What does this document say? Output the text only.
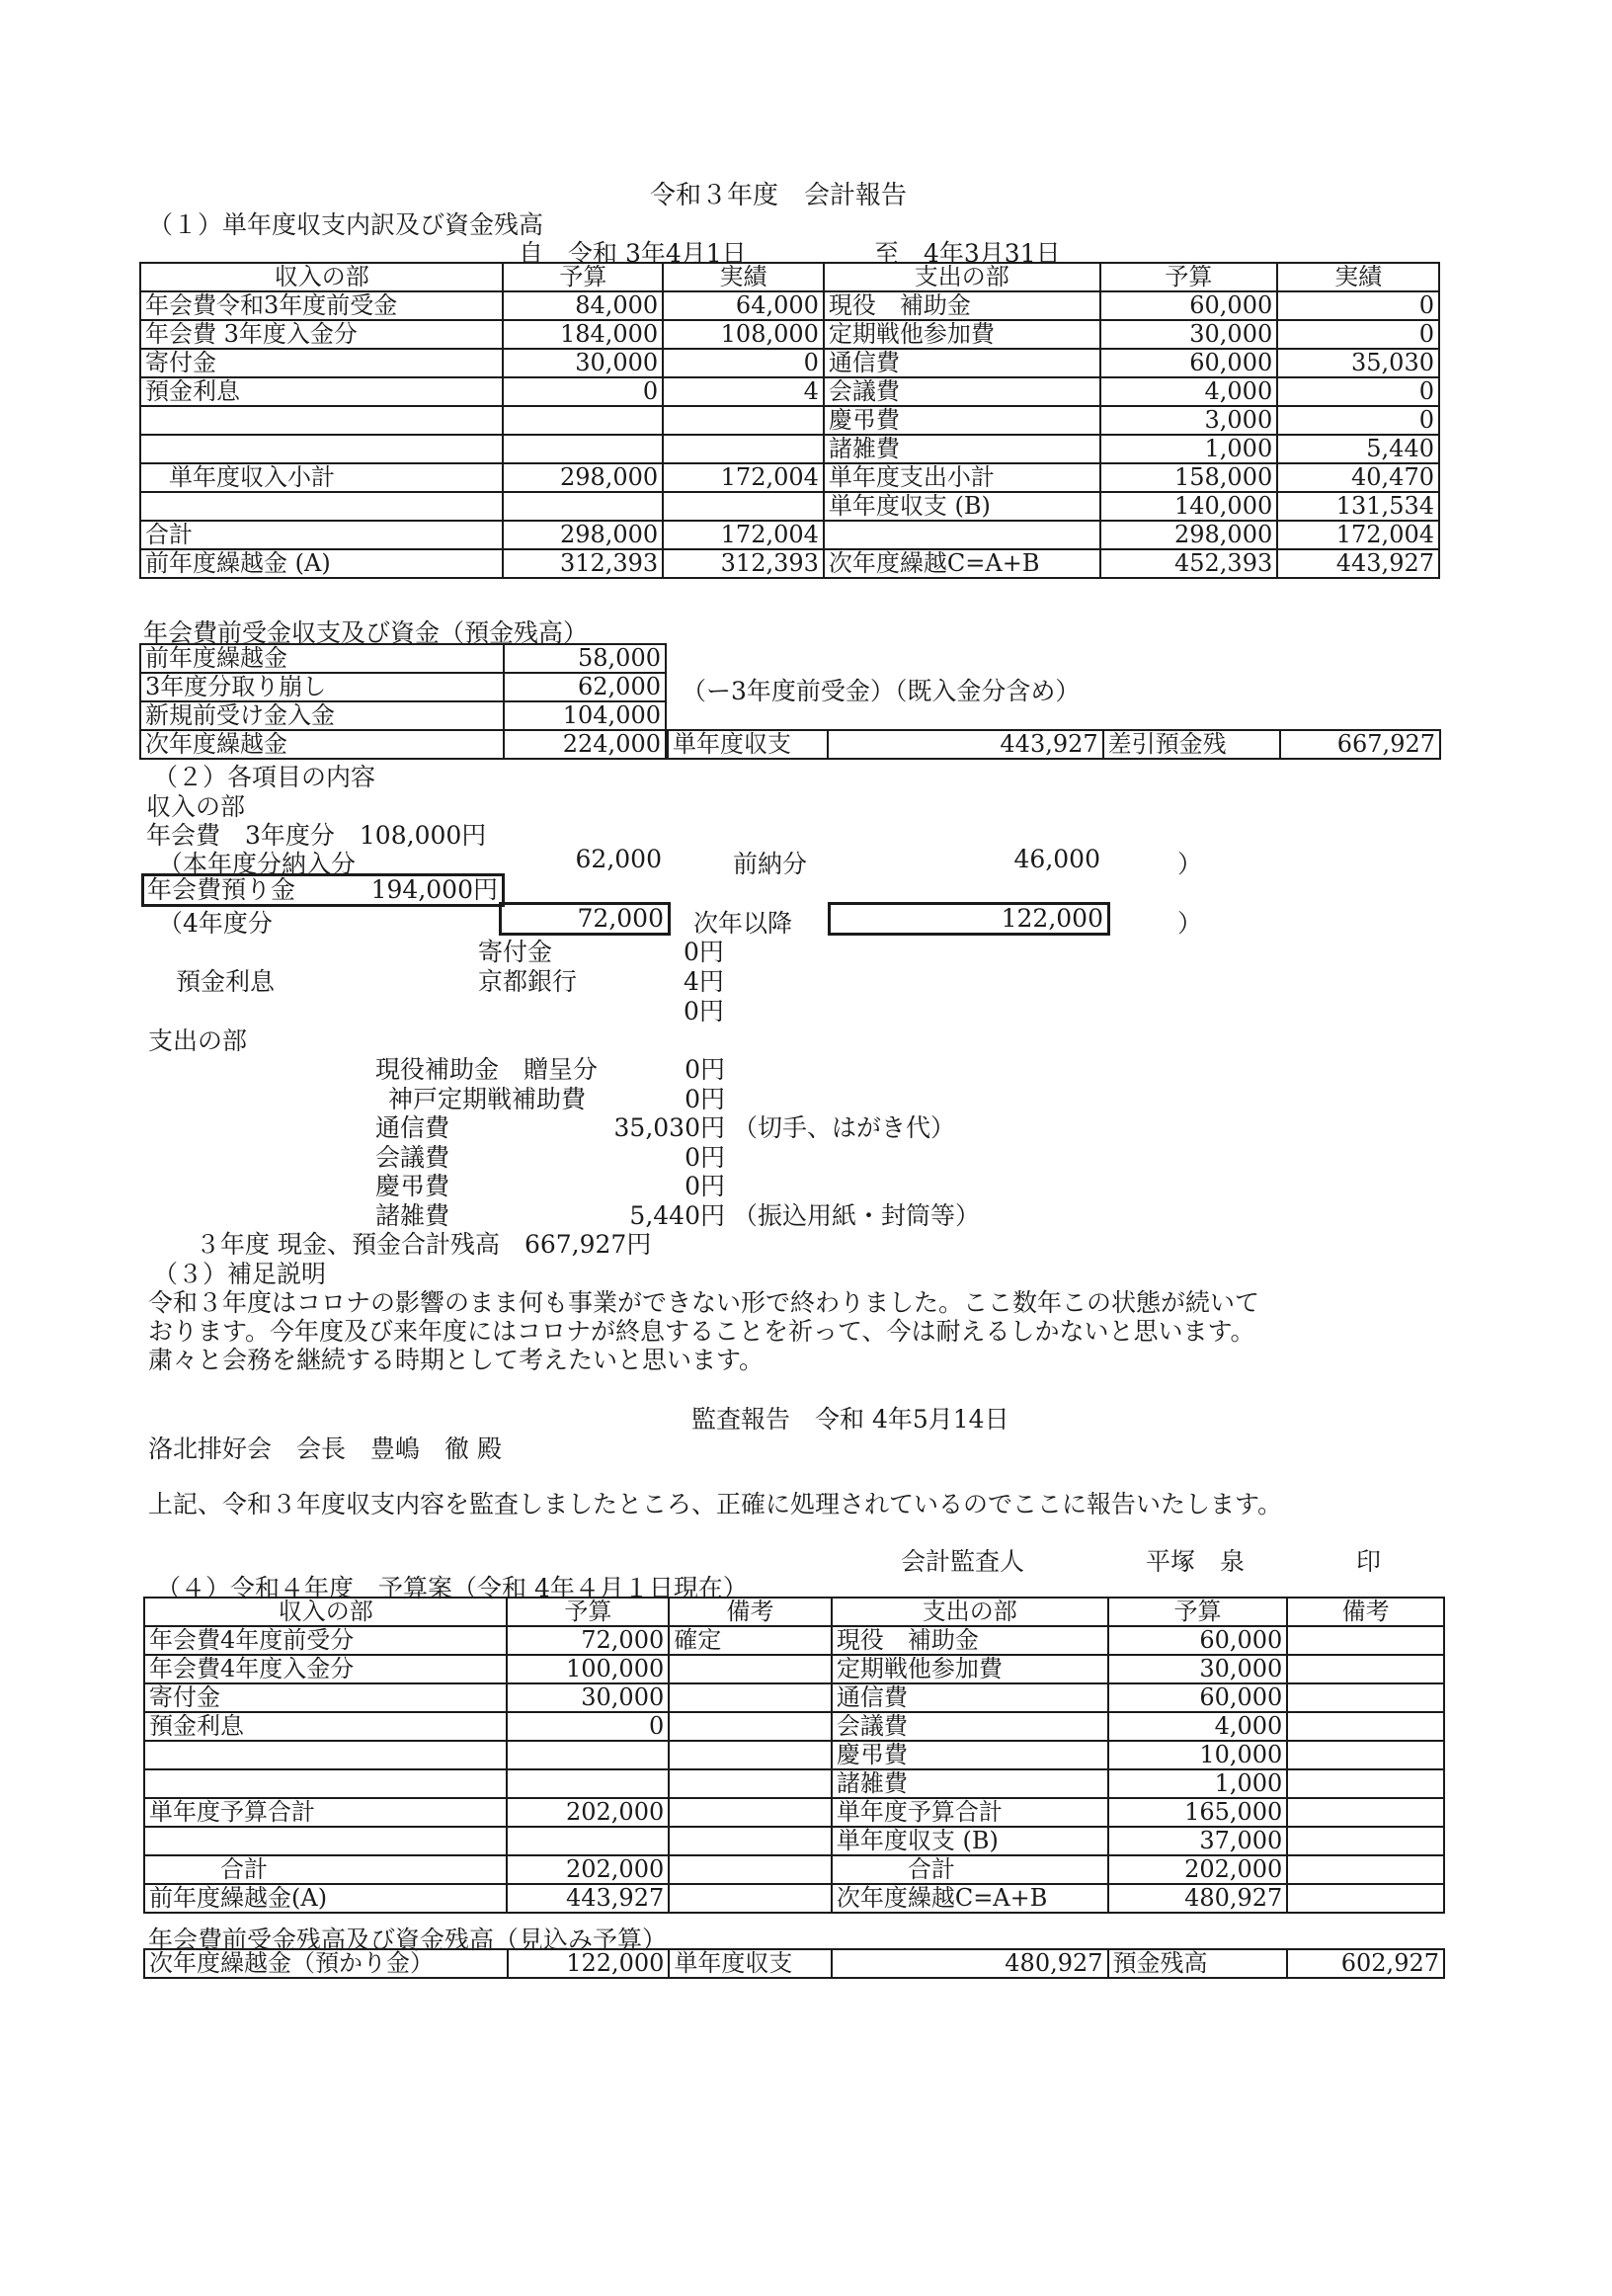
令和３年度　会計報告
（１）単年度収支内訳及び資金残高
自　令和 3年4月1日	至　4年3月31日
収入の部	予算	実績	支出の部	予算	実績
年会費令和3年度前受金	84,000	64,000	現役　補助金	60,000	0
年会費 3年度入金分	184,000	108,000	定期戦他参加費	30,000	0
寄付金	30,000	0	通信費	60,000	35,030
預金利息	0	4	会議費	4,000	0
			慶弔費	3,000	0
			諸雑費	1,000	5,440
　単年度収入小計	298,000	172,004	単年度支出小計	158,000	40,470
			単年度収支 (B)	140,000	131,534
合計	298,000	172,004		298,000	172,004
前年度繰越金 (A)	312,393	312,393	次年度繰越C=A+B	452,393	443,927
年会費前受金収支及び資金（預金残高）
前年度繰越金	58,000
3年度分取り崩し	62,000
新規前受け金入金	104,000
次年度繰越金	224,000
（ー3年度前受金）（既入金分含め）
単年度収支	443,927	差引預金残	667,927
（２）各項目の内容
収入の部
年会費　3年度分　108,000円
（本年度分納入分	62,000	前納分	46,000	）
年会費預り金	194,000円
（4年度分	72,000 次年以降	122,000	）
寄付金	0円
預金利息	京都銀行	4円
0円
支出の部
現役補助金　贈呈分	0円
神戸定期戦補助費	0円
通信費	35,030円 （切手、はがき代）
会議費	0円
慶弔費	0円
諸雑費	5,440円 （振込用紙・封筒等）
３年度 現金、預金合計残高　667,927円
（３）補足説明
令和３年度はコロナの影響のまま何も事業ができない形で終わりました。ここ数年この状態が続いて
おります。今年度及び来年度にはコロナが終息することを祈って、今は耐えるしかないと思います。
粛々と会務を継続する時期として考えたいと思います。
監査報告　令和 4年5月14日
洛北排好会　会長　豊嶋　徹 殿
上記、令和３年度収支内容を監査しましたところ、正確に処理されているのでここに報告いたします。
会計監査人	平塚　泉	印
（４）令和４年度　予算案（令和 4年４月１日現在）
収入の部	予算	備考	支出の部	予算	備考
年会費4年度前受分	72,000	確定	現役　補助金	60,000	
年会費4年度入金分	100,000		定期戦他参加費	30,000	
寄付金	30,000		通信費	60,000	
預金利息	0		会議費	4,000	
			慶弔費	10,000	
			諸雑費	1,000	
単年度予算合計	202,000		単年度予算合計	165,000	
			単年度収支 (B)	37,000	
　　　合計	202,000		　　　合計	202,000	
前年度繰越金(A)	443,927		次年度繰越C=A+B	480,927	
年会費前受金残高及び資金残高（見込み予算）
次年度繰越金（預かり金）	122,000	単年度収支	480,927	預金残高	602,927
